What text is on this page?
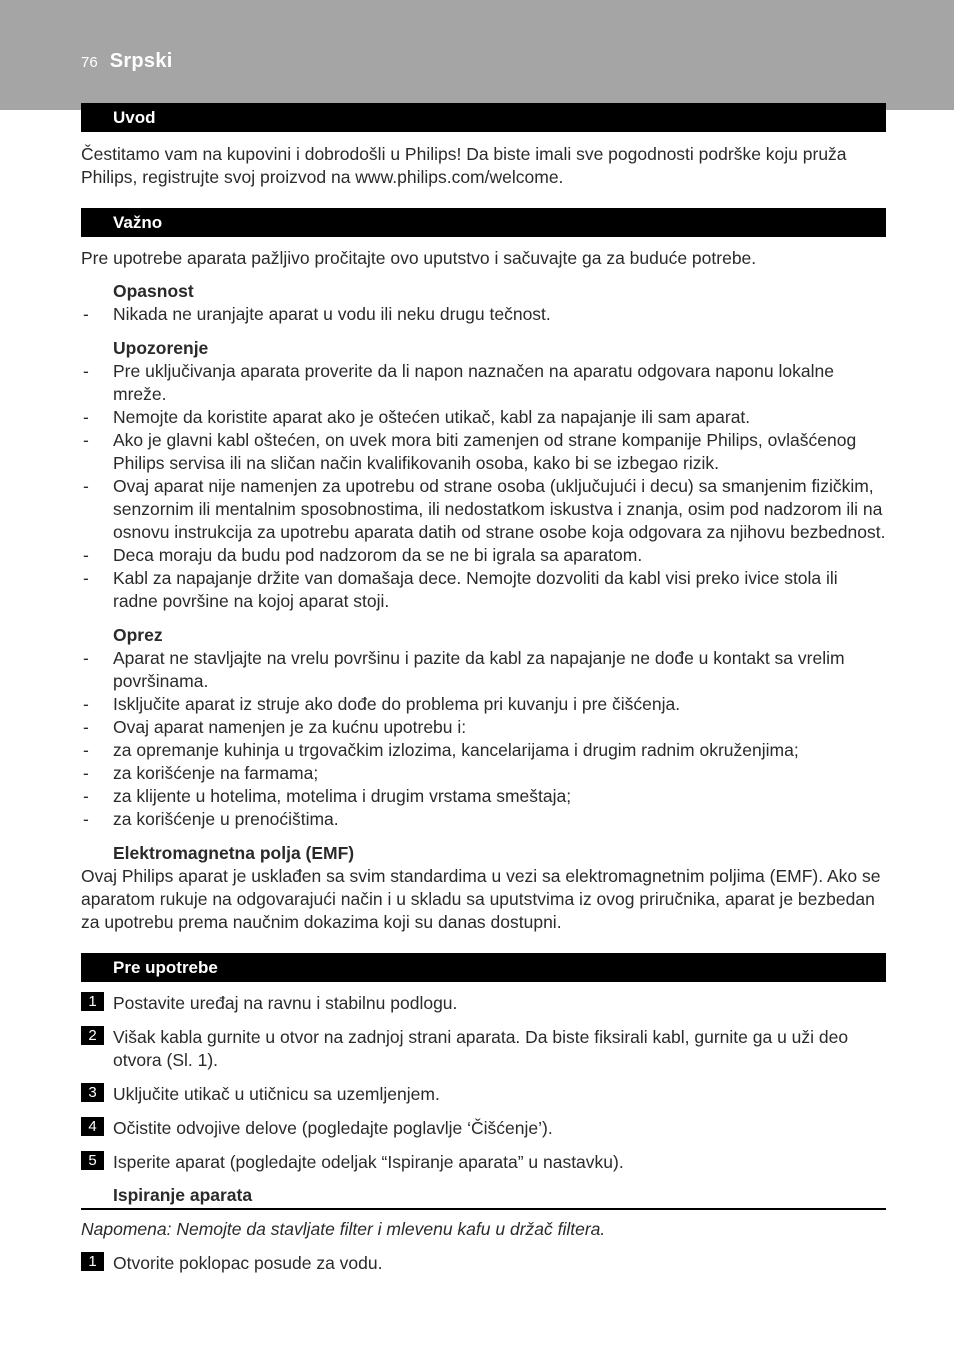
76 Srpski
Uvod

Čestitamo vam na kupovini i dobrodošli u Philips! Da biste imali sve pogodnosti podrške koju pruža Philips, registrujte svoj proizvod na www.philips.com/welcome.

Važno

Pre upotrebe aparata pažljivo pročitajte ovo uputstvo i sačuvajte ga za buduće potrebe.

Opasnost
- Nikada ne uranjajte aparat u vodu ili neku drugu tečnost.
Upozorenje
- Pre uključivanja aparata proverite da li napon naznačen na aparatu odgovara naponu lokalne mreže.
- Nemojte da koristite aparat ako je oštećen utikač, kabl za napajanje ili sam aparat.
- Ako je glavni kabl oštećen, on uvek mora biti zamenjen od strane kompanije Philips, ovlašćenog Philips servisa ili na sličan način kvalifikovanih osoba, kako bi se izbegao rizik.
- Ovaj aparat nije namenjen za upotrebu od strane osoba (uključujući i decu) sa smanjenim fizičkim, senzornim ili mentalnim sposobnostima, ili nedostatkom iskustva i znanja, osim pod nadzorom ili na osnovu instrukcija za upotrebu aparata datih od strane osobe koja odgovara za njihovu bezbednost.
- Deca moraju da budu pod nadzorom da se ne bi igrala sa aparatom.
- Kabl za napajanje držite van domašaja dece. Nemojte dozvoliti da kabl visi preko ivice stola ili radne površine na kojoj aparat stoji.
Oprez
- Aparat ne stavljajte na vrelu površinu i pazite da kabl za napajanje ne dođe u kontakt sa vrelim površinama.
- Isključite aparat iz struje ako dođe do problema pri kuvanju i pre čišćenja.
- Ovaj aparat namenjen je za kućnu upotrebu i:
- za opremanje kuhinja u trgovačkim izlozima, kancelarijama i drugim radnim okruženjima;
- za korišćenje na farmama;
- za klijente u hotelima, motelima i drugim vrstama smeštaja;
- za korišćenje u prenoćištima.
Elektromagnetna polja (EMF)

Ovaj Philips aparat je usklađen sa svim standardima u vezi sa elektromagnetnim poljima (EMF). Ako se aparatom rukuje na odgovarajući način i u skladu sa uputstvima iz ovog priručnika, aparat je bezbedan za upotrebu prema naučnim dokazima koji su danas dostupni.

Pre upotrebe
1 Postavite uređaj na ravnu i stabilnu podlogu.
2 Višak kabla gurnite u otvor na zadnjoj strani aparata. Da biste fiksirali kabl, gurnite ga u uži deo otvora (Sl. 1).
3 Uključite utikač u utičnicu sa uzemljenjem.
4 Očistite odvojive delove (pogledajte poglavlje ‘Čišćenje’).
5 Isperite aparat (pogledajte odeljak “Ispiranje aparata” u nastavku).
Ispiranje aparata

Napomena: Nemojte da stavljate filter i mlevenu kafu u držač filtera.

1 Otvorite poklopac posude za vodu.
